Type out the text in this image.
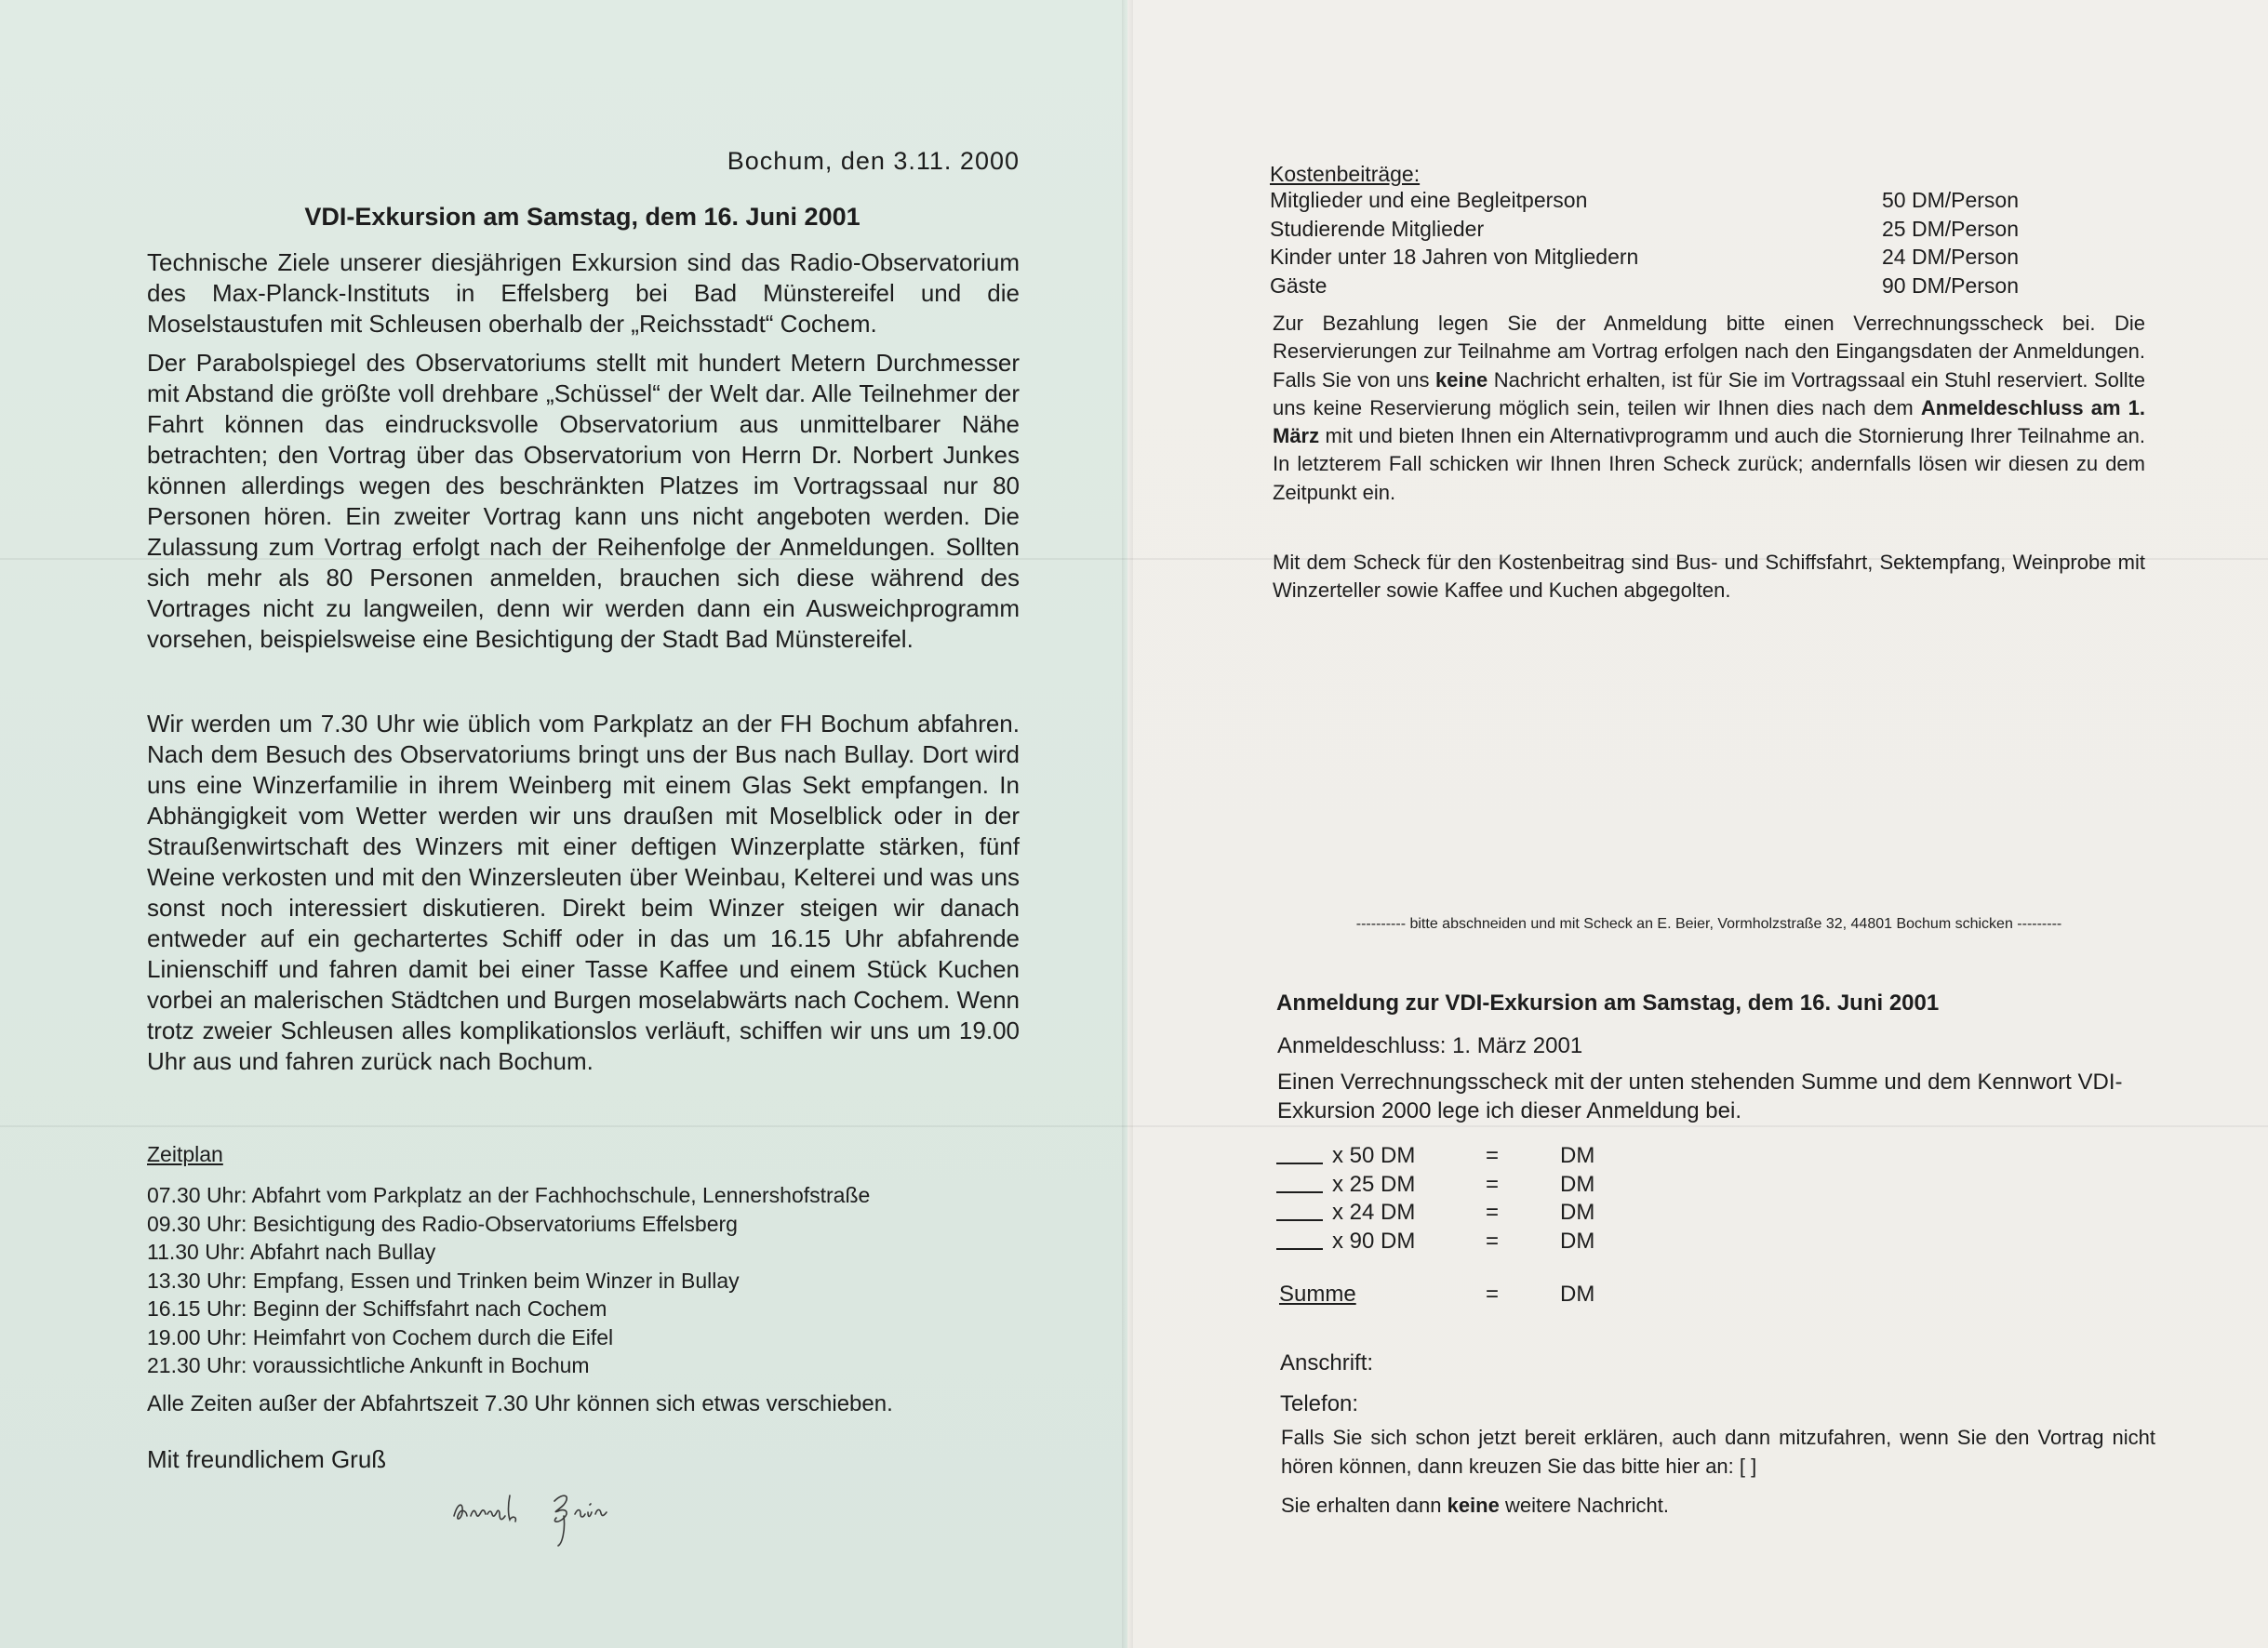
Bochum, den 3.11. 2000
VDI-Exkursion am Samstag, dem 16. Juni 2001
Technische Ziele unserer diesjährigen Exkursion sind das Radio-Observatorium des Max-Planck-Instituts in Effelsberg bei Bad Münstereifel und die Moselstaustufen mit Schleusen oberhalb der „Reichsstadt“ Cochem.
Der Parabolspiegel des Observatoriums stellt mit hundert Metern Durchmesser mit Abstand die größte voll drehbare „Schüssel“ der Welt dar. Alle Teilnehmer der Fahrt können das eindrucksvolle Observatorium aus unmittelbarer Nähe betrachten; den Vortrag über das Observatorium von Herrn Dr. Norbert Junkes können allerdings wegen des beschränkten Platzes im Vortragssaal nur 80 Personen hören. Ein zweiter Vortrag kann uns nicht angeboten werden. Die Zulassung zum Vortrag erfolgt nach der Reihenfolge der Anmeldungen. Sollten sich mehr als 80 Personen anmelden, brauchen sich diese während des Vortrages nicht zu langweilen, denn wir werden dann ein Ausweichprogramm vorsehen, beispielsweise eine Besichtigung der Stadt Bad Münstereifel.
Wir werden um 7.30 Uhr wie üblich vom Parkplatz an der FH Bochum abfahren. Nach dem Besuch des Observatoriums bringt uns der Bus nach Bullay. Dort wird uns eine Winzerfamilie in ihrem Weinberg mit einem Glas Sekt empfangen. In Abhängigkeit vom Wetter werden wir uns draußen mit Moselblick oder in der Straußenwirtschaft des Winzers mit einer deftigen Winzerplatte stärken, fünf Weine verkosten und mit den Winzersleuten über Weinbau, Kelterei und was uns sonst noch interessiert diskutieren. Direkt beim Winzer steigen wir danach entweder auf ein gechartertes Schiff oder in das um 16.15 Uhr abfahrende Linienschiff und fahren damit bei einer Tasse Kaffee und einem Stück Kuchen vorbei an malerischen Städtchen und Burgen moselabwärts nach Cochem. Wenn trotz zweier Schleusen alles komplikationslos verläuft, schiffen wir uns um 19.00 Uhr aus und fahren zurück nach Bochum.
Zeitplan
07.30 Uhr: Abfahrt vom Parkplatz an der Fachhochschule, Lennershofstraße
09.30 Uhr: Besichtigung des Radio-Observatoriums Effelsberg
11.30 Uhr: Abfahrt nach Bullay
13.30 Uhr: Empfang, Essen und Trinken beim Winzer in Bullay
16.15 Uhr: Beginn der Schiffsfahrt nach Cochem
19.00 Uhr: Heimfahrt von Cochem durch die Eifel
21.30 Uhr: voraussichtliche Ankunft in Bochum
Alle Zeiten außer der Abfahrtszeit 7.30 Uhr können sich etwas verschieben.
Mit freundlichem Gruß
Kostenbeiträge:
Mitglieder und eine Begleitperson	50 DM/Person
Studierende Mitglieder	25 DM/Person
Kinder unter 18 Jahren von Mitgliedern	24 DM/Person
Gäste	90 DM/Person
Zur Bezahlung legen Sie der Anmeldung bitte einen Verrechnungsscheck bei. Die Reservierungen zur Teilnahme am Vortrag erfolgen nach den Eingangsdaten der Anmeldungen. Falls Sie von uns keine Nachricht erhalten, ist für Sie im Vortragssaal ein Stuhl reserviert. Sollte uns keine Reservierung möglich sein, teilen wir Ihnen dies nach dem Anmeldeschluss am 1. März mit und bieten Ihnen ein Alternativprogramm und auch die Stornierung Ihrer Teilnahme an. In letzterem Fall schicken wir Ihnen Ihren Scheck zurück; andernfalls lösen wir diesen zu dem Zeitpunkt ein.
Mit dem Scheck für den Kostenbeitrag sind Bus- und Schiffsfahrt, Sektempfang, Weinprobe mit Winzerteller sowie Kaffee und Kuchen abgegolten.
---------- bitte abschneiden und mit Scheck an E. Beier, Vormholzstraße 32, 44801 Bochum schicken ---------
Anmeldung zur VDI-Exkursion am Samstag, dem 16. Juni 2001
Anmeldeschluss: 1. März 2001
Einen Verrechnungsscheck mit der unten stehenden Summe und dem Kennwort VDI-Exkursion 2000 lege ich dieser Anmeldung bei.
x 50 DM	=	DM
x 25 DM	=	DM
x 24 DM	=	DM
x 90 DM	=	DM
Summe	=	DM
Anschrift:
Telefon:
Falls Sie sich schon jetzt bereit erklären, auch dann mitzufahren, wenn Sie den Vortrag nicht hören können, dann kreuzen Sie das bitte hier an: [ ]
Sie erhalten dann keine weitere Nachricht.
